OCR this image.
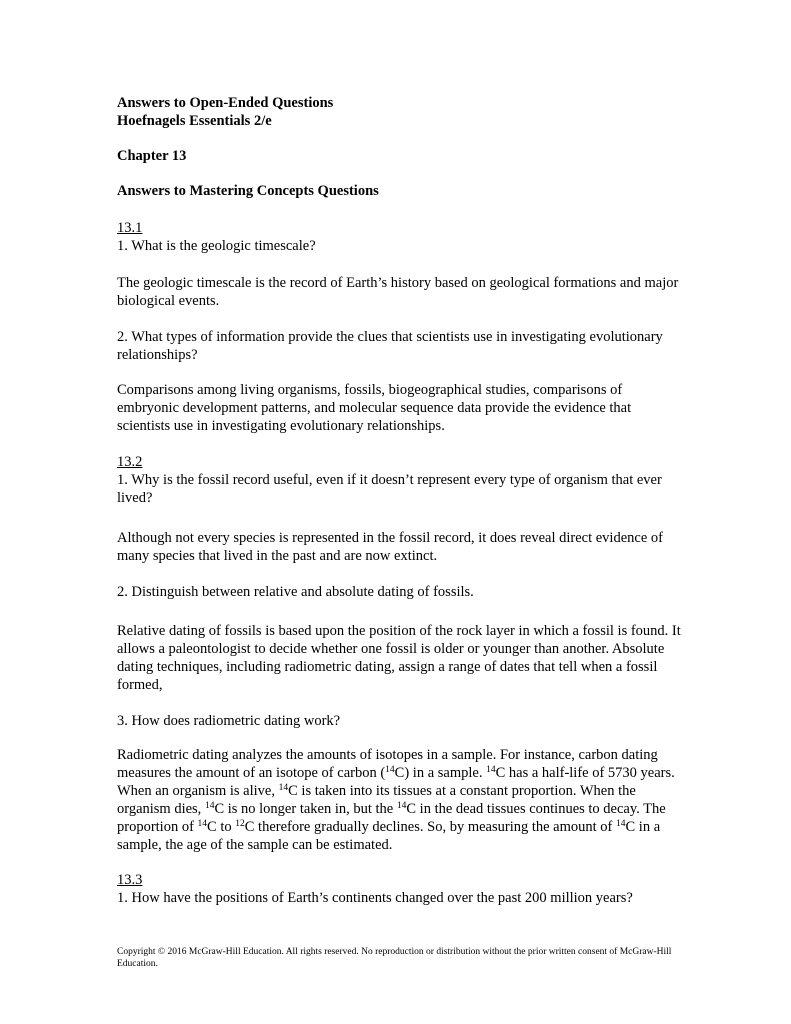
Answers to Open-Ended Questions
Hoefnagels Essentials 2/e

Chapter 13

Answers to Mastering Concepts Questions

13.1
1. What is the geologic timescale?

The geologic timescale is the record of Earth’s history based on geological formations and major biological events.

2. What types of information provide the clues that scientists use in investigating evolutionary relationships?

Comparisons among living organisms, fossils, biogeographical studies, comparisons of embryonic development patterns, and molecular sequence data provide the evidence that scientists use in investigating evolutionary relationships.

13.2
1. Why is the fossil record useful, even if it doesn’t represent every type of organism that ever lived?

Although not every species is represented in the fossil record, it does reveal direct evidence of many species that lived in the past and are now extinct.

2. Distinguish between relative and absolute dating of fossils.

Relative dating of fossils is based upon the position of the rock layer in which a fossil is found. It allows a paleontologist to decide whether one fossil is older or younger than another. Absolute dating techniques, including radiometric dating, assign a range of dates that tell when a fossil formed,

3. How does radiometric dating work?

Radiometric dating analyzes the amounts of isotopes in a sample. For instance, carbon dating measures the amount of an isotope of carbon ($^{14}$C) in a sample. $^{14}$C has a half-life of 5730 years. When an organism is alive, $^{14}$C is taken into its tissues at a constant proportion. When the organism dies, $^{14}$C is no longer taken in, but the $^{14}$C in the dead tissues continues to decay. The proportion of $^{14}$C to $^{12}$C therefore gradually declines. So, by measuring the amount of $^{14}$C in a sample, the age of the sample can be estimated.

13.3
1. How have the positions of Earth’s continents changed over the past 200 million years?

Copyright © 2016 McGraw-Hill Education. All rights reserved. No reproduction or distribution without the prior written consent of McGraw-Hill Education.
